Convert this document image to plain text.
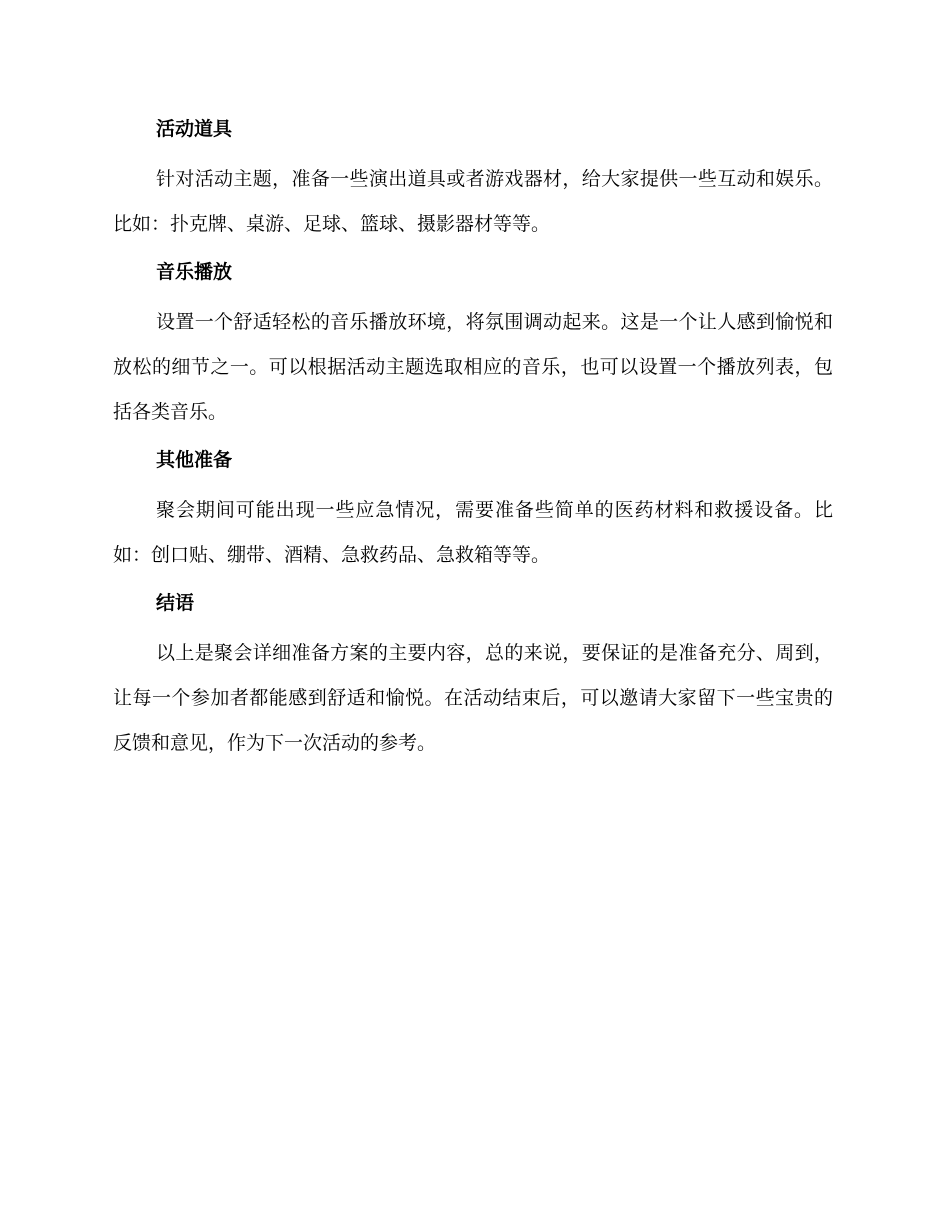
活动道具
针对活动主题，准备一些演出道具或者游戏器材，给大家提供一些互动和娱乐。比如：扑克牌、桌游、足球、篮球、摄影器材等等。
音乐播放
设置一个舒适轻松的音乐播放环境，将氛围调动起来。这是一个让人感到愉悦和放松的细节之一。可以根据活动主题选取相应的音乐，也可以设置一个播放列表，包括各类音乐。
其他准备
聚会期间可能出现一些应急情况，需要准备些简单的医药材料和救援设备。比如：创口贴、绷带、酒精、急救药品、急救箱等等。
结语
以上是聚会详细准备方案的主要内容，总的来说，要保证的是准备充分、周到，让每一个参加者都能感到舒适和愉悦。在活动结束后，可以邀请大家留下一些宝贵的反馈和意见，作为下一次活动的参考。
